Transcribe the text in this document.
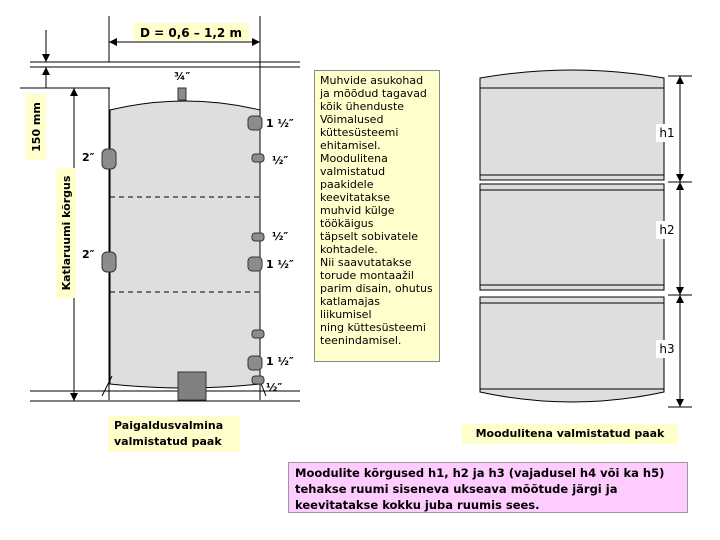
150 mm
Katlaruumi kõrgus
D = 0,6 – 1,2 m
¾″
1 ½″
½″
½″
1 ½″
1 ½″
½″
2″
2″
h1
h2
h3
Muhvide asukohad
ja mõõdud tagavad
kõik ühenduste
Võimalused
küttesüsteemi
ehitamisel.
Moodulitena
valmistatud
paakidele
keevitatakse
muhvid külge
töökäigus
täpselt sobivatele
kohtadele.
Nii saavutatakse
torude montaažil
parim disain, ohutus
katlamajas liikumisel
ning küttesüsteemi
teenindamisel.
Paigaldusvalmina
valmistatud paak
Moodulitena valmistatud paak
Moodulite kõrgused h1, h2 ja h3 (vajadusel h4 või ka h5) tehakse ruumi siseneva ukseava mõõtude järgi ja keevitatakse kokku juba ruumis sees.
